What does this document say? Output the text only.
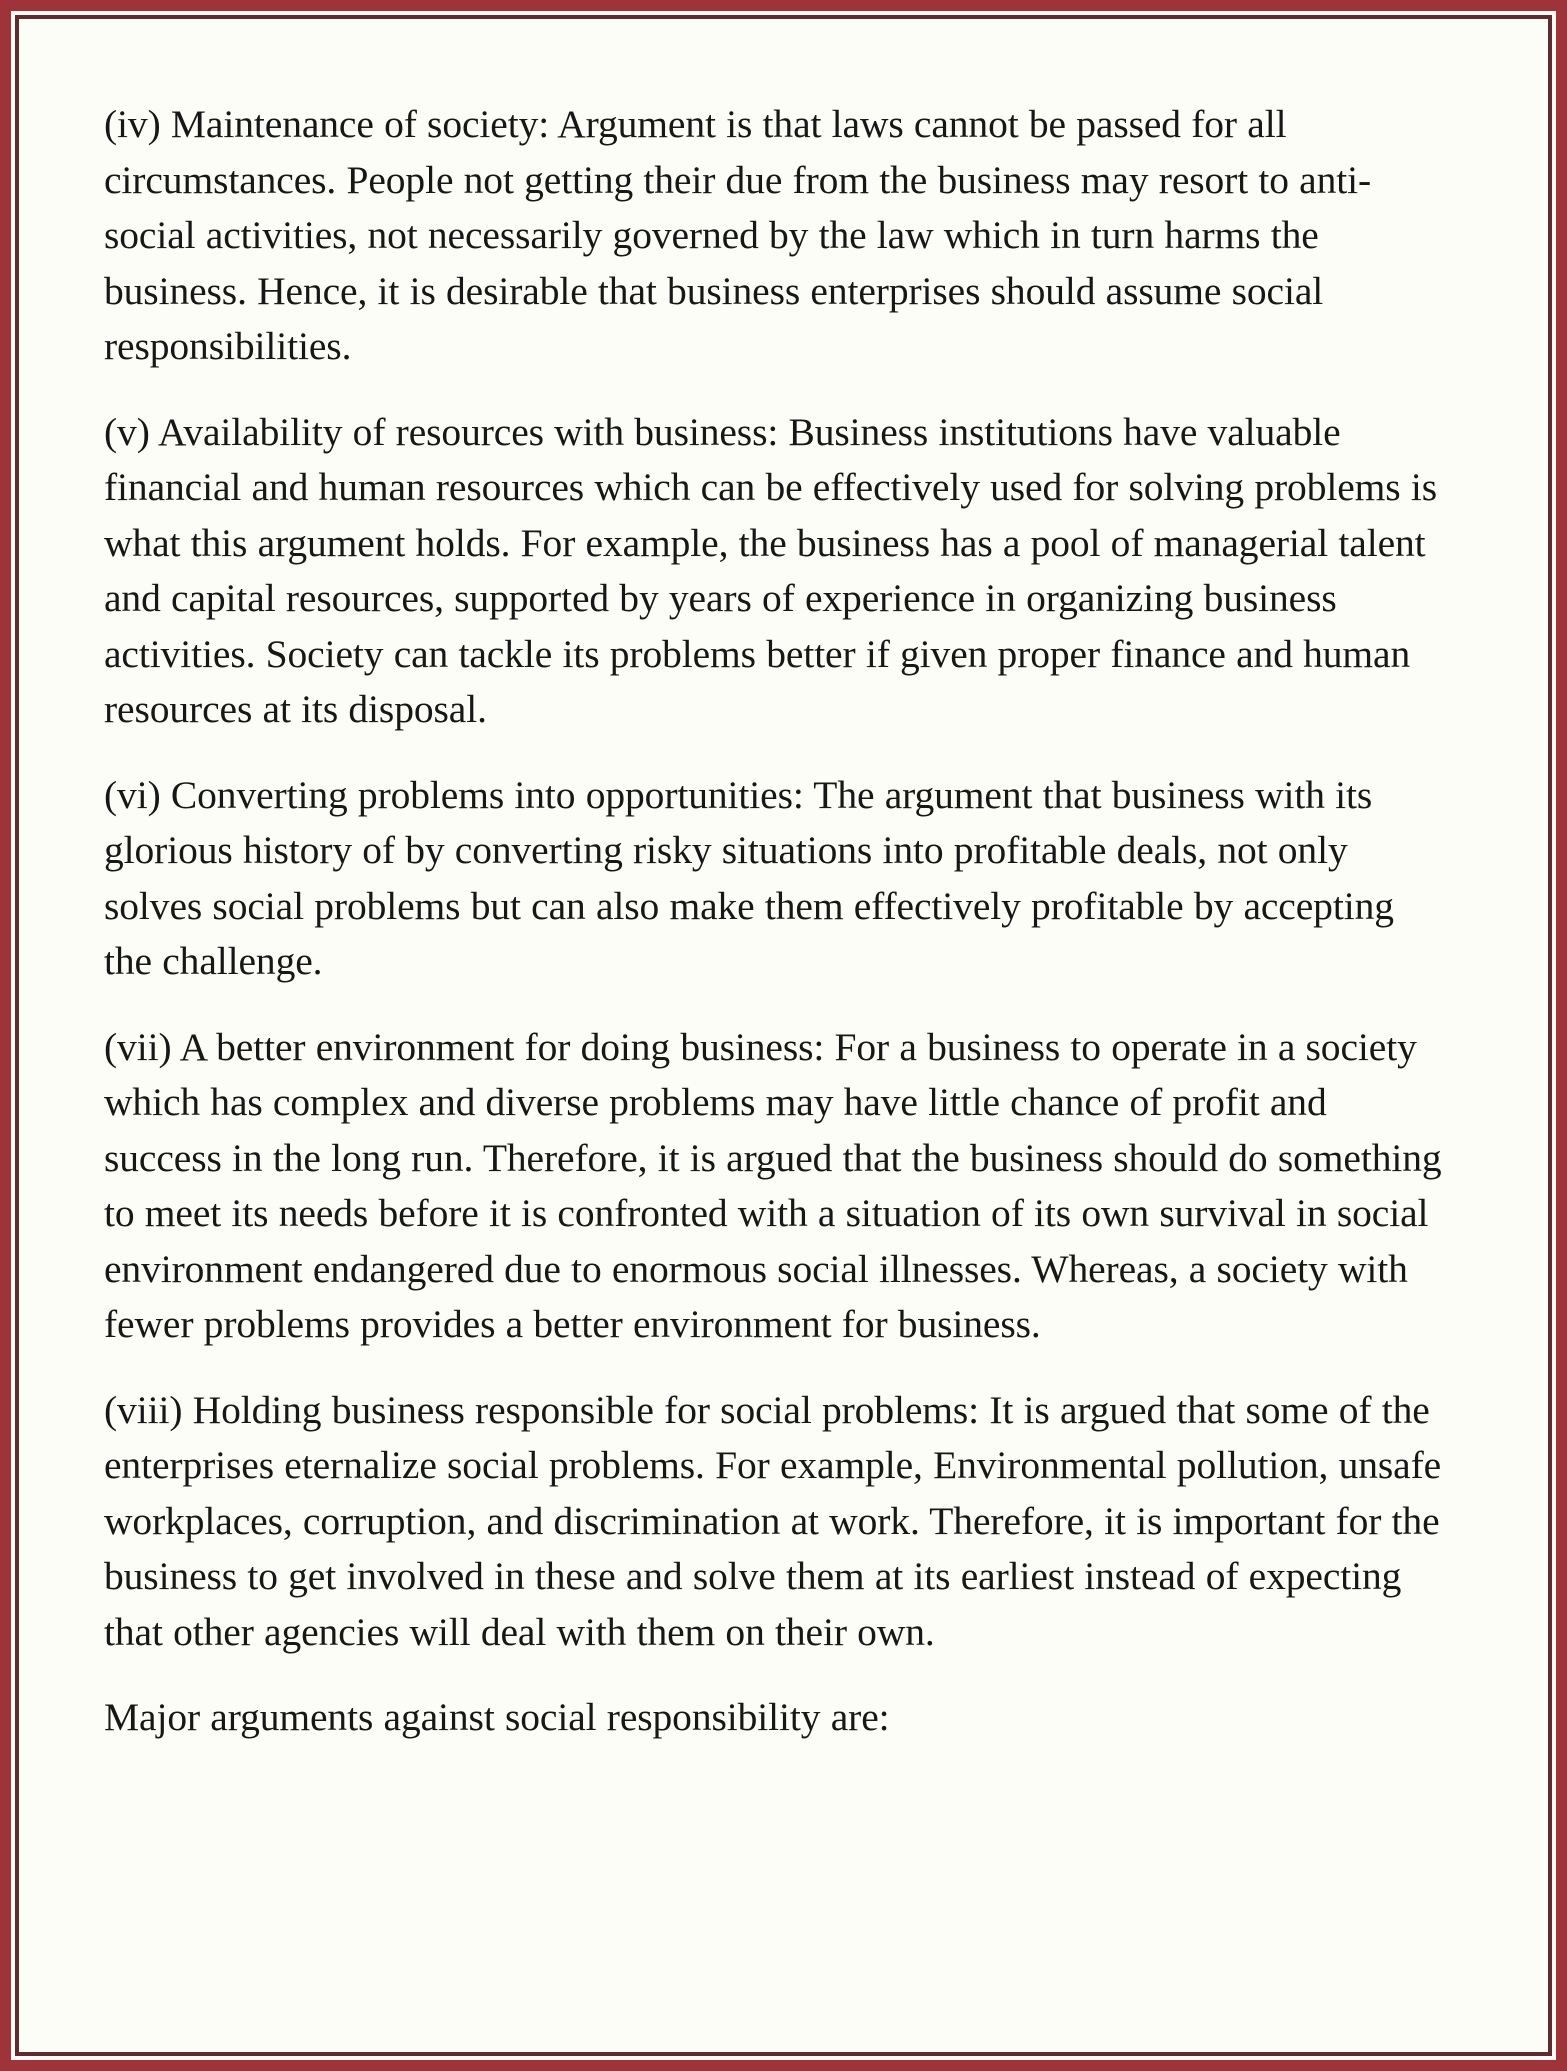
(iv) Maintenance of society: Argument is that laws cannot be passed for all circumstances. People not getting their due from the business may resort to anti-social activities, not necessarily governed by the law which in turn harms the business. Hence, it is desirable that business enterprises should assume social responsibilities.

(v) Availability of resources with business: Business institutions have valuable financial and human resources which can be effectively used for solving problems is what this argument holds. For example, the business has a pool of managerial talent and capital resources, supported by years of experience in organizing business activities. Society can tackle its problems better if given proper finance and human resources at its disposal.

(vi) Converting problems into opportunities: The argument that business with its glorious history of by converting risky situations into profitable deals, not only solves social problems but can also make them effectively profitable by accepting the challenge.

(vii) A better environment for doing business: For a business to operate in a society which has complex and diverse problems may have little chance of profit and success in the long run. Therefore, it is argued that the business should do something to meet its needs before it is confronted with a situation of its own survival in social environment endangered due to enormous social illnesses. Whereas, a society with fewer problems provides a better environment for business.

(viii) Holding business responsible for social problems: It is argued that some of the enterprises eternalize social problems. For example, Environmental pollution, unsafe workplaces, corruption, and discrimination at work. Therefore, it is important for the business to get involved in these and solve them at its earliest instead of expecting that other agencies will deal with them on their own.

Major arguments against social responsibility are:
